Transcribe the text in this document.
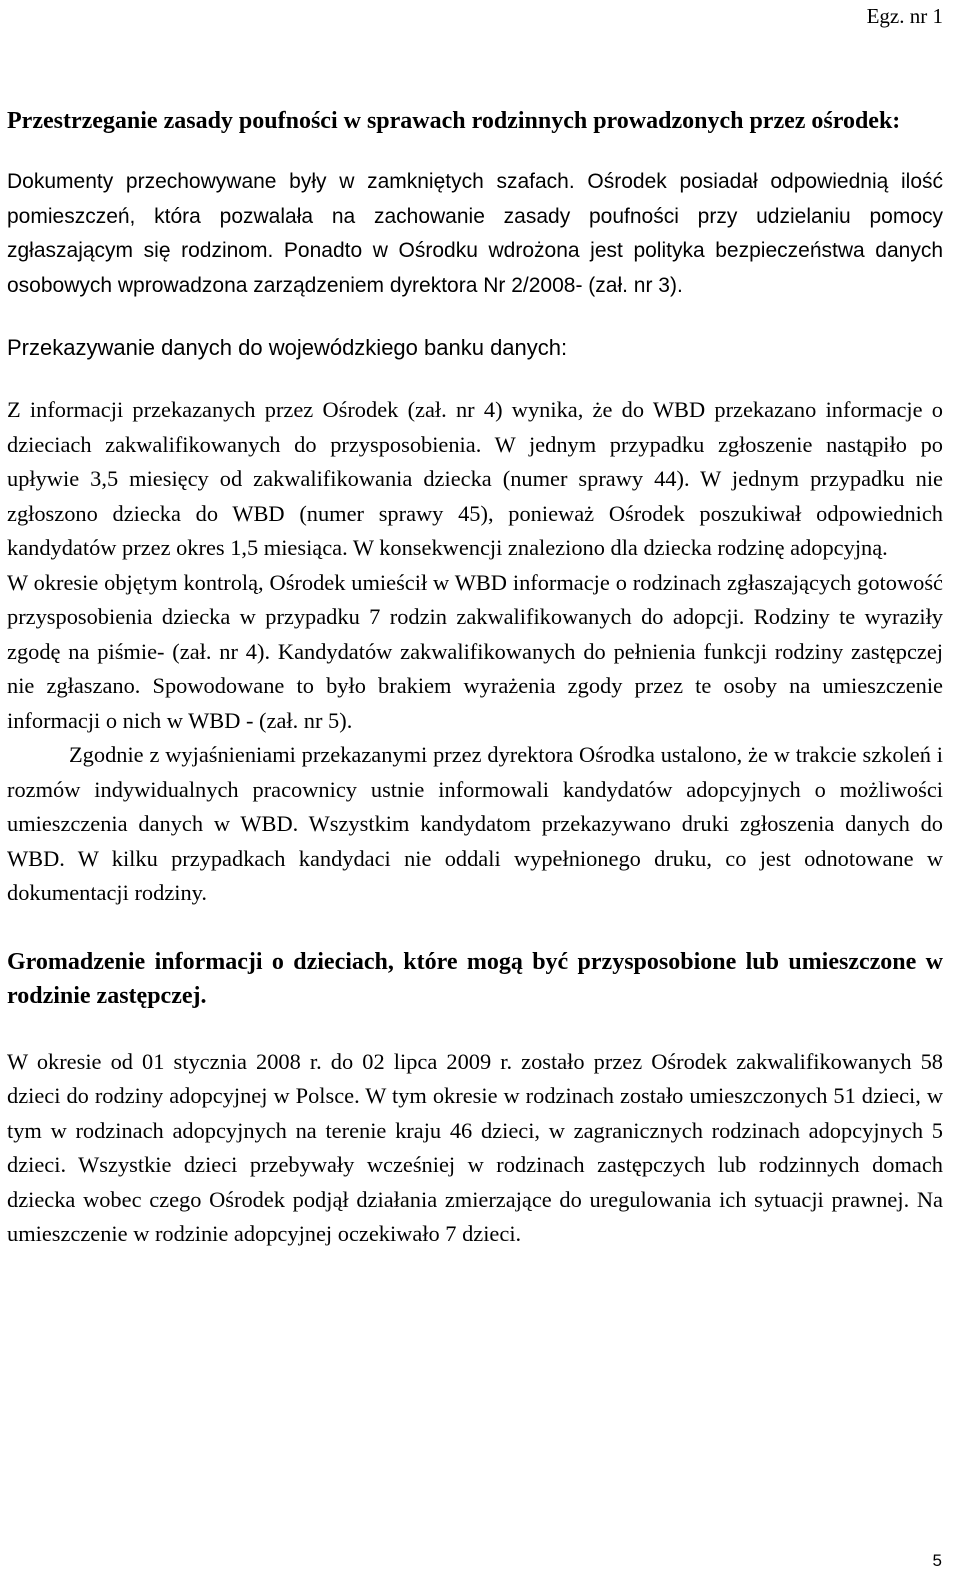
Egz. nr 1
Przestrzeganie zasady poufności w sprawach rodzinnych prowadzonych przez ośrodek:

Dokumenty przechowywane były w zamkniętych szafach. Ośrodek posiadał odpowiednią ilość pomieszczeń, która pozwalała na zachowanie zasady poufności przy udzielaniu pomocy zgłaszającym się rodzinom. Ponadto w Ośrodku wdrożona jest polityka bezpieczeństwa danych osobowych wprowadzona zarządzeniem dyrektora Nr 2/2008- (zał. nr 3).

Przekazywanie danych do wojewódzkiego banku danych:

Z informacji przekazanych przez Ośrodek (zał. nr 4) wynika, że do WBD przekazano informacje o dzieciach zakwalifikowanych do przysposobienia. W jednym przypadku zgłoszenie nastąpiło po upływie 3,5 miesięcy od zakwalifikowania dziecka (numer sprawy 44). W jednym przypadku nie zgłoszono dziecka do WBD (numer sprawy 45), ponieważ Ośrodek poszukiwał odpowiednich kandydatów przez okres 1,5 miesiąca. W konsekwencji znaleziono dla dziecka rodzinę adopcyjną.

W okresie objętym kontrolą, Ośrodek umieścił w WBD informacje o rodzinach zgłaszających gotowość przysposobienia dziecka w przypadku 7 rodzin zakwalifikowanych do adopcji. Rodziny te wyraziły zgodę na piśmie- (zał. nr 4). Kandydatów zakwalifikowanych do pełnienia funkcji rodziny zastępczej nie zgłaszano. Spowodowane to było brakiem wyrażenia zgody przez te osoby na umieszczenie informacji o nich w WBD - (zał. nr 5).

Zgodnie z wyjaśnieniami przekazanymi przez dyrektora Ośrodka ustalono, że w trakcie szkoleń i rozmów indywidualnych pracownicy ustnie informowali kandydatów adopcyjnych o możliwości umieszczenia danych w WBD. Wszystkim kandydatom przekazywano druki zgłoszenia danych do WBD. W kilku przypadkach kandydaci nie oddali wypełnionego druku, co jest odnotowane w dokumentacji rodziny.

Gromadzenie informacji o dzieciach, które mogą być przysposobione lub umieszczone w rodzinie zastępczej.

W okresie od 01 stycznia 2008 r. do 02 lipca 2009 r. zostało przez Ośrodek zakwalifikowanych 58 dzieci do rodziny adopcyjnej w Polsce. W tym okresie w rodzinach zostało umieszczonych 51 dzieci, w tym w rodzinach adopcyjnych na terenie kraju 46 dzieci, w zagranicznych rodzinach adopcyjnych 5 dzieci. Wszystkie dzieci przebywały wcześniej w rodzinach zastępczych lub rodzinnych domach dziecka wobec czego Ośrodek podjął działania zmierzające do uregulowania ich sytuacji prawnej. Na umieszczenie w rodzinie adopcyjnej oczekiwało 7 dzieci.

5
